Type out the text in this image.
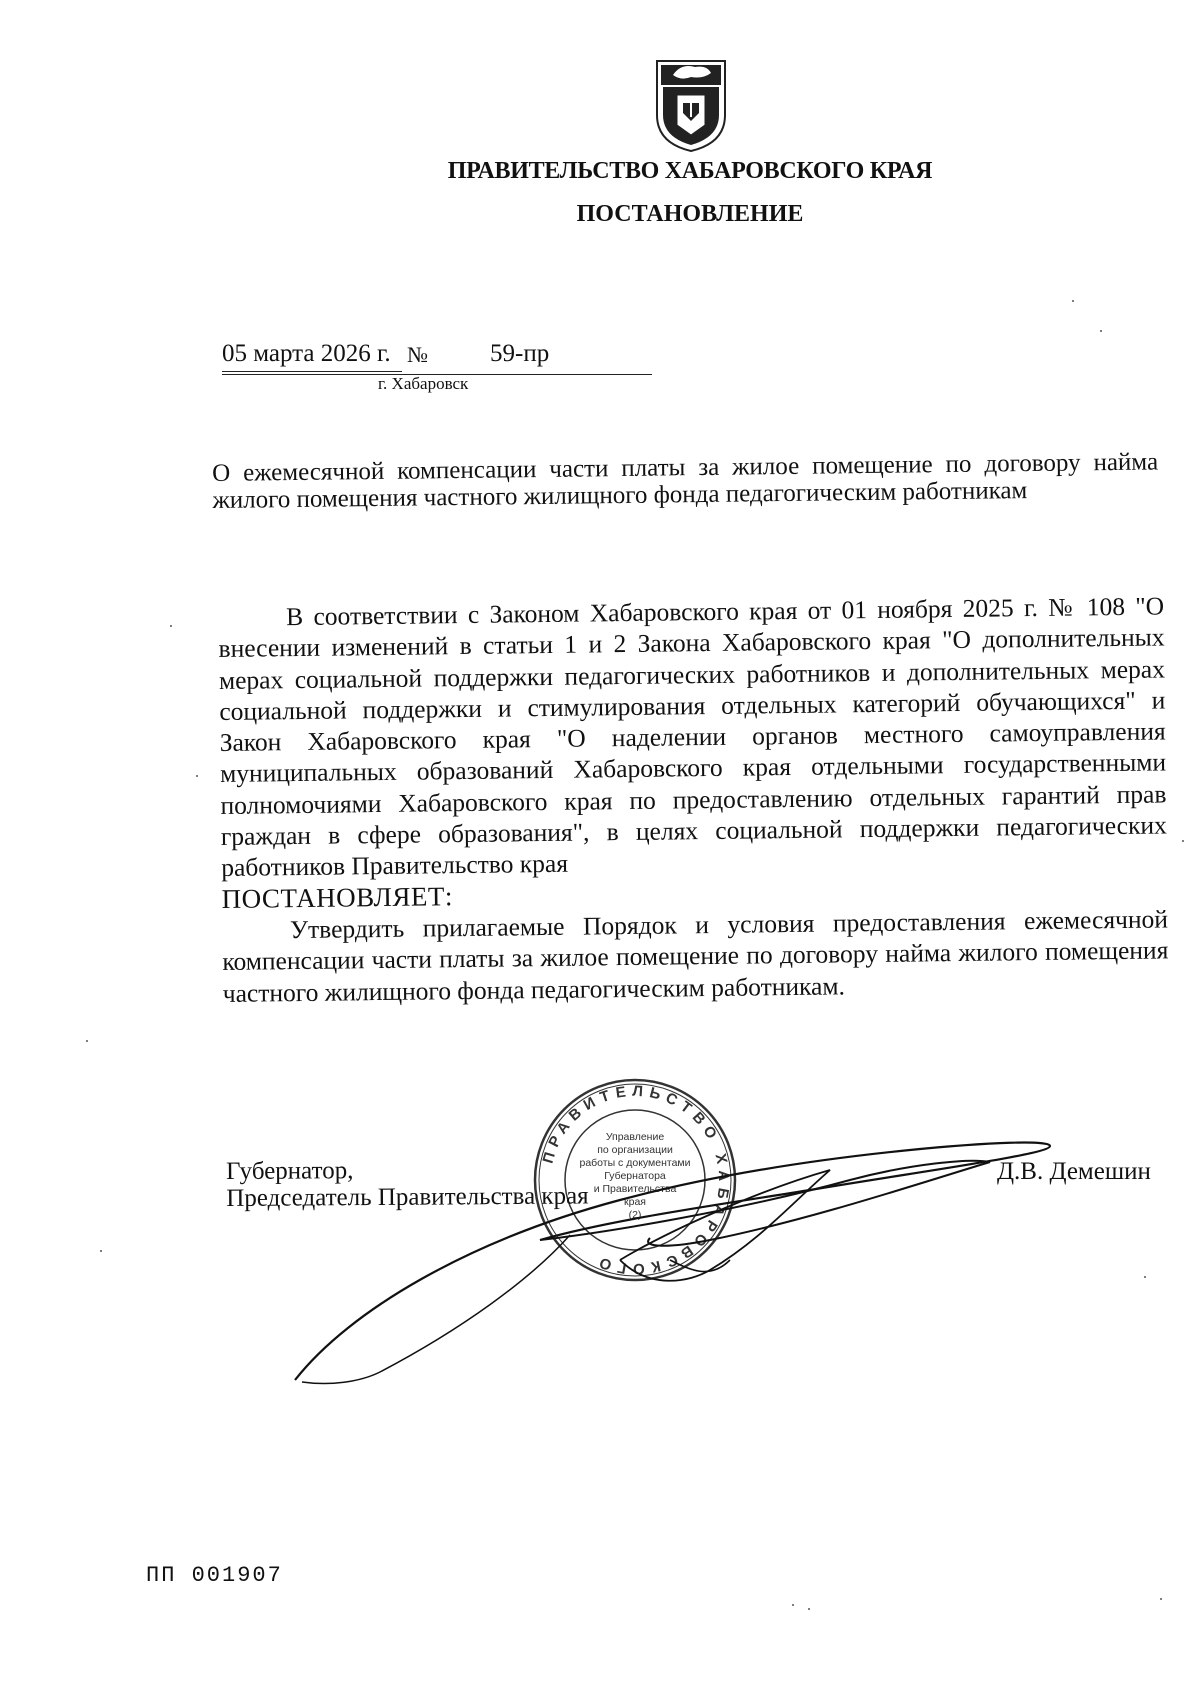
ПРАВИТЕЛЬСТВО ХАБАРОВСКОГО КРАЯ
ПОСТАНОВЛЕНИЕ
05 марта 2026 г. № 59-пр
г. Хабаровск
О ежемесячной компенсации части платы за жилое помещение по договору найма жилого помещения частного жилищного фонда педагогическим работникам

В соответствии с Законом Хабаровского края от 01 ноября 2025 г. № 108 "О внесении изменений в статьи 1 и 2 Закона Хабаровского края "О дополнительных мерах социальной поддержки педагогических работников и дополнительных мерах социальной поддержки и стимулирования отдельных категорий обучающихся" и Закон Хабаровского края "О наделении органов местного самоуправления муниципальных образований Хабаровского края отдельными государственными полномочиями Хабаровского края по предоставлению отдельных гарантий прав граждан в сфере образования", в целях социальной поддержки педагогических работников Правительство края

ПОСТАНОВЛЯЕТ:

Утвердить прилагаемые Порядок и условия предоставления ежемесячной компенсации части платы за жилое помещение по договору найма жилого помещения частного жилищного фонда педагогическим работникам.

ПРАВИТЕЛЬСТВО ХАБАРОВСКОГО
Управление
по организации
работы с документами
Губернатора
и Правительства
края
(2)
Губернатор,
Председатель Правительства края
Д.В. Демешин
ПП 001907
